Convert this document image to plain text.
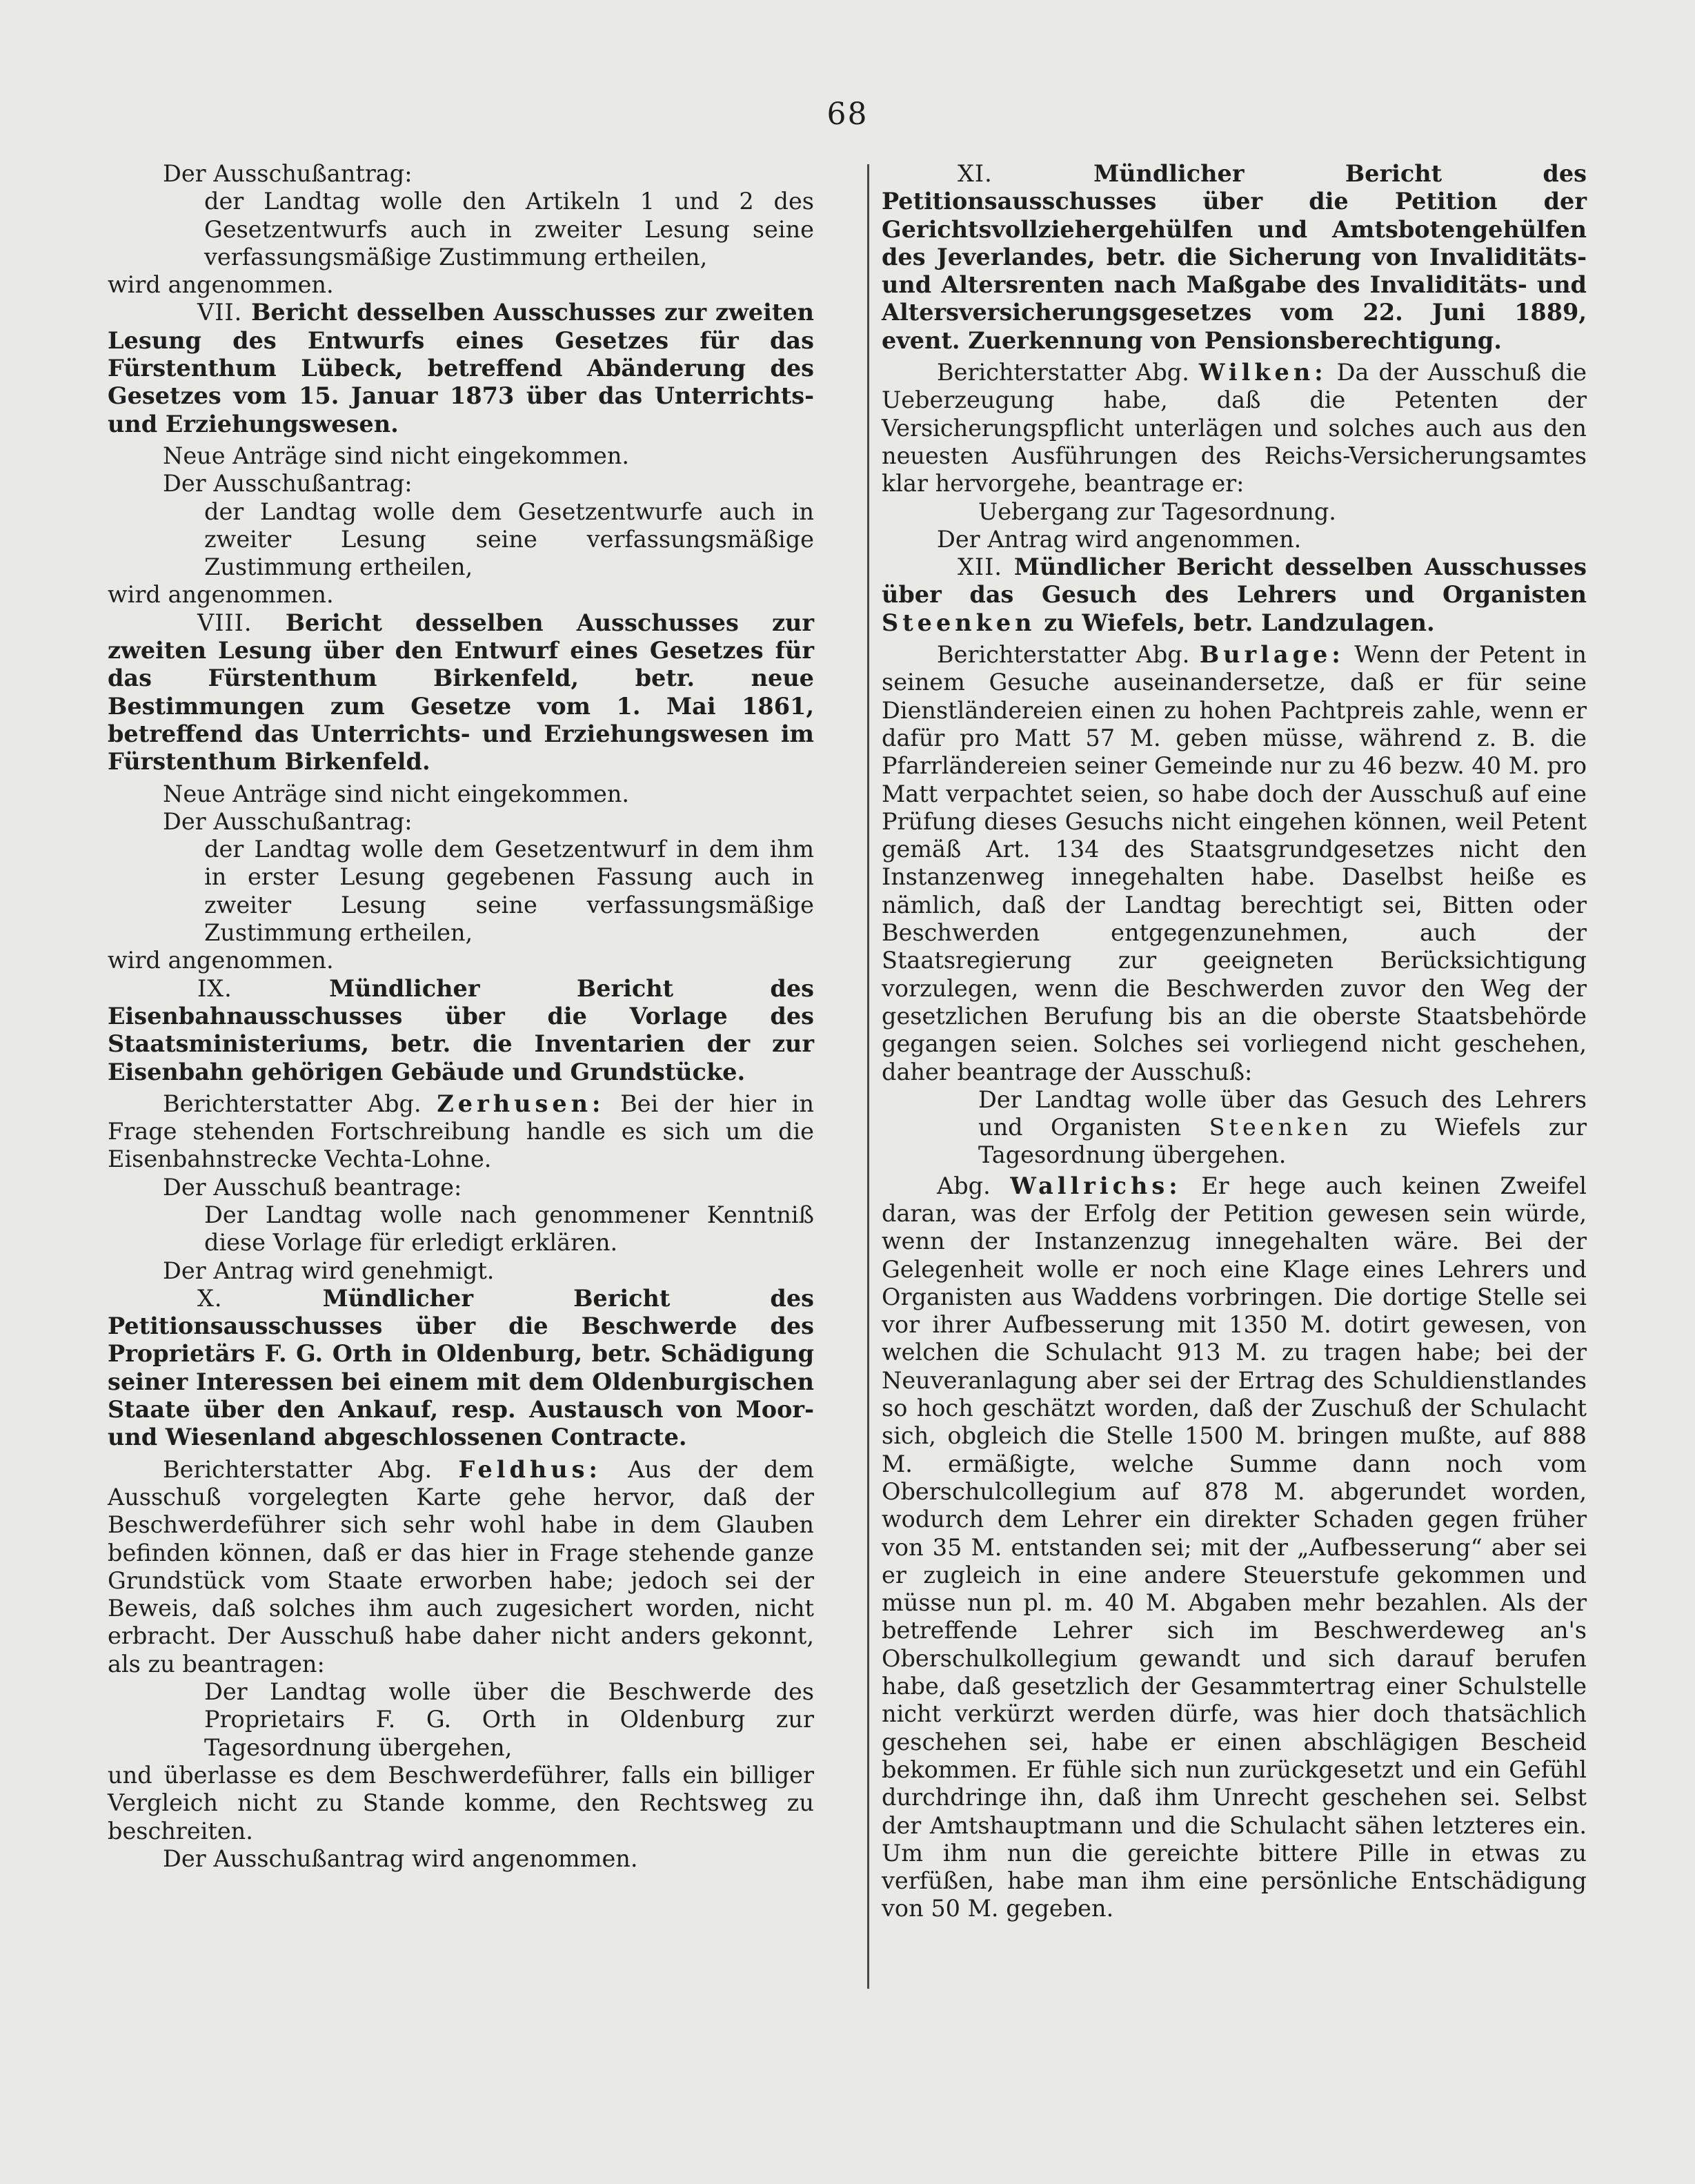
68

Der Ausschußantrag:

der Landtag wolle den Artikeln 1 und 2 des Gesetzentwurfs auch in zweiter Lesung seine verfassungsmäßige Zustimmung ertheilen,

wird angenommen.

VII. Bericht desselben Ausschusses zur zweiten Lesung des Entwurfs eines Gesetzes für das Fürstenthum Lübeck, betreffend Abänderung des Gesetzes vom 15. Januar 1873 über das Unterrichts- und Erziehungswesen.

Neue Anträge sind nicht eingekommen.

Der Ausschußantrag:

der Landtag wolle dem Gesetzentwurfe auch in zweiter Lesung seine verfassungsmäßige Zustimmung ertheilen,

wird angenommen.

VIII. Bericht desselben Ausschusses zur zweiten Lesung über den Entwurf eines Gesetzes für das Fürstenthum Birkenfeld, betr. neue Bestimmungen zum Gesetze vom 1. Mai 1861, betreffend das Unterrichts- und Erziehungswesen im Fürstenthum Birkenfeld.

Neue Anträge sind nicht eingekommen.

Der Ausschußantrag:

der Landtag wolle dem Gesetzentwurf in dem ihm in erster Lesung gegebenen Fassung auch in zweiter Lesung seine verfassungsmäßige Zustimmung ertheilen,

wird angenommen.

IX.	Mündlicher Bericht des Eisenbahnausschusses über die Vorlage des Staatsministeriums, betr. die Inventarien der zur Eisenbahn gehörigen Gebäude und Grundstücke.

Berichterstatter Abg. Zerhusen: Bei der hier in Frage stehenden Fortschreibung handle es sich um die Eisenbahnstrecke Vechta-Lohne.

Der Ausschuß beantrage:

Der Landtag wolle nach genommener Kenntniß diese Vorlage für erledigt erklären.

Der Antrag wird genehmigt.

X.	Mündlicher Bericht des Petitionsausschusses über die Beschwerde des Proprietärs F. G. Orth in Oldenburg, betr. Schädigung seiner Interessen bei einem mit dem Oldenburgischen Staate über den Ankauf, resp. Austausch von Moor- und Wiesenland abgeschlossenen Contracte.

Berichterstatter Abg. Feldhus: Aus der dem Ausschuß vorgelegten Karte gehe hervor, daß der Beschwerdeführer sich sehr wohl habe in dem Glauben befinden können, daß er das hier in Frage stehende ganze Grundstück vom Staate erworben habe; jedoch sei der Beweis, daß solches ihm auch zugesichert worden, nicht erbracht. Der Ausschuß habe daher nicht anders gekonnt, als zu beantragen:

Der Landtag wolle über die Beschwerde des Proprietairs F. G. Orth in Oldenburg zur Tagesordnung übergehen,

und überlasse es dem Beschwerdeführer, falls ein billiger Vergleich nicht zu Stande komme, den Rechtsweg zu beschreiten.

Der Ausschußantrag wird angenommen.

XI.	Mündlicher Bericht des Petitionsausschusses über die Petition der Gerichtsvollziehergehülfen und Amtsbotengehülfen des Jeverlandes, betr. die Sicherung von Invaliditäts- und Altersrenten nach Maßgabe des Invaliditäts- und Altersversicherungsgesetzes vom 22. Juni 1889, event. Zuerkennung von Pensionsberechtigung.

Berichterstatter Abg. Wilken: Da der Ausschuß die Ueberzeugung habe, daß die Petenten der Versicherungspflicht unterlägen und solches auch aus den neuesten Ausführungen des Reichs-Versicherungsamtes klar hervorgehe, beantrage er:

Uebergang zur Tagesordnung.

Der Antrag wird angenommen.

XII. Mündlicher Bericht desselben Ausschusses über das Gesuch des Lehrers und Organisten Steenken zu Wiefels, betr. Landzulagen.

Berichterstatter Abg. Burlage: Wenn der Petent in seinem Gesuche auseinandersetze, daß er für seine Dienstländereien einen zu hohen Pachtpreis zahle, wenn er dafür pro Matt 57 M. geben müsse, während z. B. die Pfarrländereien seiner Gemeinde nur zu 46 bezw. 40 M. pro Matt verpachtet seien, so habe doch der Ausschuß auf eine Prüfung dieses Gesuchs nicht eingehen können, weil Petent gemäß Art. 134 des Staatsgrundgesetzes nicht den Instanzenweg innegehalten habe. Daselbst heiße es nämlich, daß der Landtag berechtigt sei, Bitten oder Beschwerden entgegenzunehmen, auch der Staatsregierung zur geeigneten Berücksichtigung vorzulegen, wenn die Beschwerden zuvor den Weg der gesetzlichen Berufung bis an die oberste Staatsbehörde gegangen seien. Solches sei vorliegend nicht geschehen, daher beantrage der Ausschuß:

Der Landtag wolle über das Gesuch des Lehrers und Organisten Steenken zu Wiefels zur Tagesordnung übergehen.

Abg. Wallrichs: Er hege auch keinen Zweifel daran, was der Erfolg der Petition gewesen sein würde, wenn der Instanzenzug innegehalten wäre. Bei der Gelegenheit wolle er noch eine Klage eines Lehrers und Organisten aus Waddens vorbringen. Die dortige Stelle sei vor ihrer Aufbesserung mit 1350 M. dotirt gewesen, von welchen die Schulacht 913 M. zu tragen habe; bei der Neuveranlagung aber sei der Ertrag des Schuldienstlandes so hoch geschätzt worden, daß der Zuschuß der Schulacht sich, obgleich die Stelle 1500 M. bringen mußte, auf 888 M. ermäßigte, welche Summe dann noch vom Oberschulcollegium auf 878 M. abgerundet worden, wodurch dem Lehrer ein direkter Schaden gegen früher von 35 M. entstanden sei; mit der „Aufbesserung“ aber sei er zugleich in eine andere Steuerstufe gekommen und müsse nun pl. m. 40 M. Abgaben mehr bezahlen. Als der betreffende Lehrer sich im Beschwerdeweg an's Oberschulkollegium gewandt und sich darauf berufen habe, daß gesetzlich der Gesammtertrag einer Schulstelle nicht verkürzt werden dürfe, was hier doch thatsächlich geschehen sei, habe er einen abschlägigen Bescheid bekommen. Er fühle sich nun zurückgesetzt und ein Gefühl durchdringe ihn, daß ihm Unrecht geschehen sei. Selbst der Amtshauptmann und die Schulacht sähen letzteres ein. Um ihm nun die gereichte bittere Pille in etwas zu verfüßen, habe man ihm eine persönliche Entschädigung von 50 M. gegeben.
